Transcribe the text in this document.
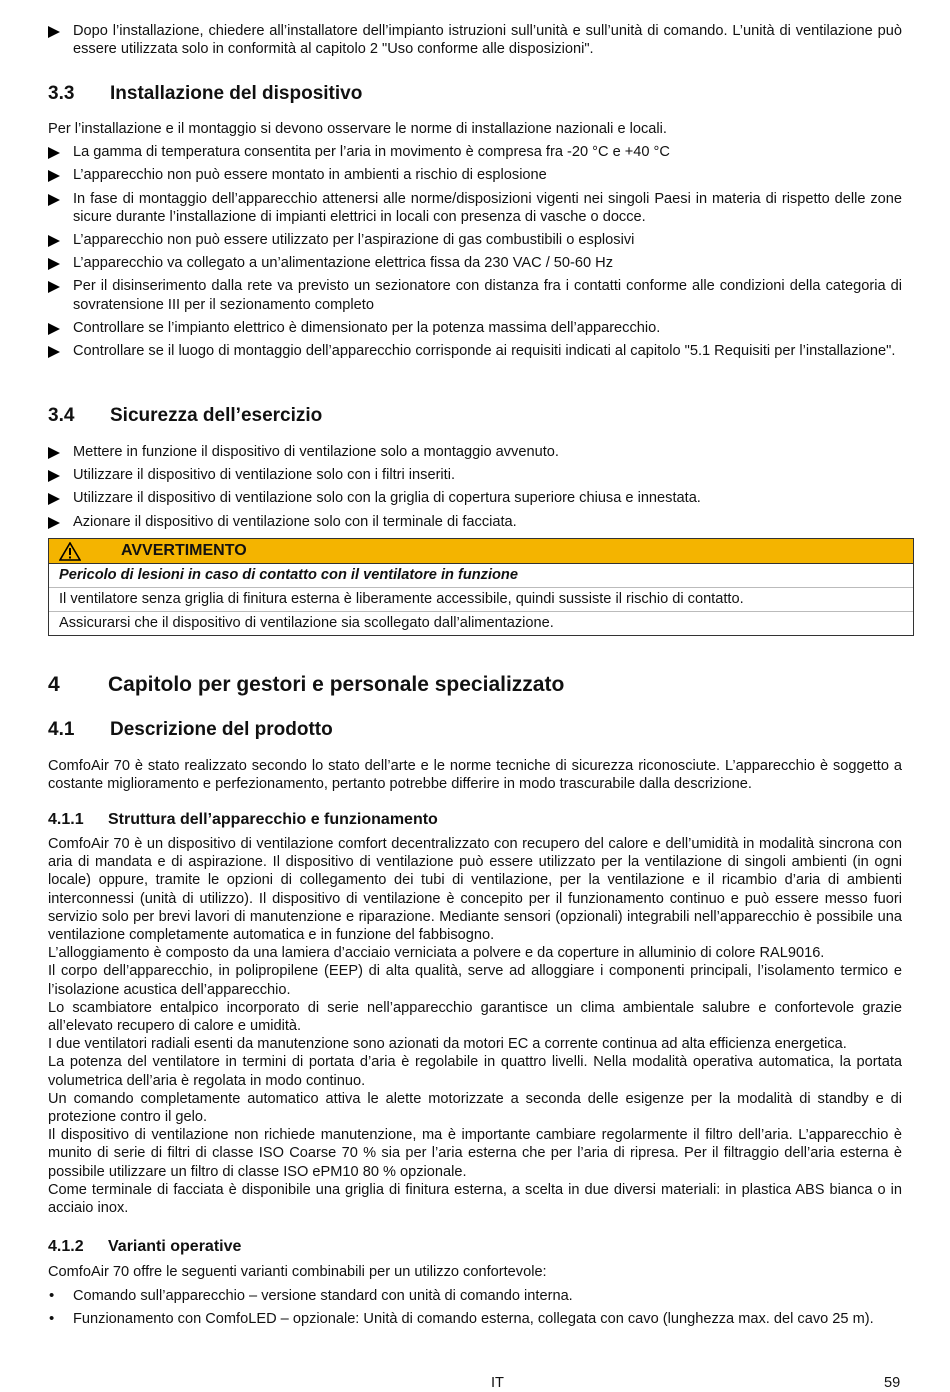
Dopo l’installazione, chiedere all’installatore dell’impianto istruzioni sull’unità e sull’unità di comando. L’unità di ventilazione può essere utilizzata solo in conformità al capitolo 2 "Uso conforme alle disposizioni".
3.3	Installazione del dispositivo

Per l’installazione e il montaggio si devono osservare le norme di installazione nazionali e locali.

La gamma di temperatura consentita per l’aria in movimento è compresa fra -20 °C e +40 °C
L’apparecchio non può essere montato in ambienti a rischio di esplosione
In fase di montaggio dell’apparecchio attenersi alle norme/disposizioni vigenti nei singoli Paesi in materia di rispetto delle zone sicure durante l’installazione di impianti elettrici in locali con presenza di vasche o docce.
L’apparecchio non può essere utilizzato per l’aspirazione di gas combustibili o esplosivi
L’apparecchio va collegato a un’alimentazione elettrica fissa da 230 VAC / 50-60 Hz
Per il disinserimento dalla rete va previsto un sezionatore con distanza fra i contatti conforme alle condizioni della categoria di sovratensione III per il sezionamento completo
Controllare se l’impianto elettrico è dimensionato per la potenza massima dell’apparecchio.
Controllare se il luogo di montaggio dell’apparecchio corrisponde ai requisiti indicati al capitolo "5.1 Requisiti per l’installazione".
3.4	Sicurezza dell’esercizio
Mettere in funzione il dispositivo di ventilazione solo a montaggio avvenuto.
Utilizzare il dispositivo di ventilazione solo con i filtri inseriti.
Utilizzare il dispositivo di ventilazione solo con la griglia di copertura superiore chiusa e innestata.
Azionare il dispositivo di ventilazione solo con il terminale di facciata.
AVVERTIMENTO
Pericolo di lesioni in caso di contatto con il ventilatore in funzione
Il ventilatore senza griglia di finitura esterna è liberamente accessibile, quindi sussiste il rischio di contatto.
Assicurarsi che il dispositivo di ventilazione sia scollegato dall’alimentazione.
4	Capitolo per gestori e personale specializzato
4.1	Descrizione del prodotto

ComfoAir 70 è stato realizzato secondo lo stato dell’arte e le norme tecniche di sicurezza riconosciute. L’apparecchio è soggetto a costante miglioramento e perfezionamento, pertanto potrebbe differire in modo trascurabile dalla descrizione.

4.1.1	Struttura dell’apparecchio e funzionamento

ComfoAir 70 è un dispositivo di ventilazione comfort decentralizzato con recupero del calore e dell’umidità in modalità sincrona con aria di mandata e di aspirazione. Il dispositivo di ventilazione può essere utilizzato per la ventilazione di singoli ambienti (in ogni locale) oppure, tramite le opzioni di collegamento dei tubi di ventilazione, per la ventilazione e il ricambio d’aria di ambienti interconnessi (unità di utilizzo). Il dispositivo di ventilazione è concepito per il funzionamento continuo e può essere messo fuori servizio solo per brevi lavori di manutenzione e riparazione. Mediante sensori (opzionali) integrabili nell’apparecchio è possibile una ventilazione completamente automatica e in funzione del fabbisogno.

L’alloggiamento è composto da una lamiera d’acciaio verniciata a polvere e da coperture in alluminio di colore RAL9016.

Il corpo dell’apparecchio, in polipropilene (EEP) di alta qualità, serve ad alloggiare i componenti principali, l’isolamento termico e l’isolazione acustica dell’apparecchio.

Lo scambiatore entalpico incorporato di serie nell’apparecchio garantisce un clima ambientale salubre e confortevole grazie all’elevato recupero di calore e umidità.

I due ventilatori radiali esenti da manutenzione sono azionati da motori EC a corrente continua ad alta efficienza energetica.

La potenza del ventilatore in termini di portata d’aria è regolabile in quattro livelli. Nella modalità operativa automatica, la portata volumetrica dell’aria è regolata in modo continuo.

Un comando completamente automatico attiva le alette motorizzate a seconda delle esigenze per la modalità di standby e di protezione contro il gelo.

Il dispositivo di ventilazione non richiede manutenzione, ma è importante cambiare regolarmente il filtro dell’aria. L’apparecchio è munito di serie di filtri di classe ISO Coarse 70 % sia per l’aria esterna che per l’aria di ripresa. Per il filtraggio dell’aria esterna è possibile utilizzare un filtro di classe ISO ePM10 80 % opzionale.

Come terminale di facciata è disponibile una griglia di finitura esterna, a scelta in due diversi materiali: in plastica ABS bianca o in acciaio inox.

4.1.2	Varianti operative

ComfoAir 70 offre le seguenti varianti combinabili per un utilizzo confortevole:

• Comando sull’apparecchio – versione standard con unità di comando interna.
• Funzionamento con ComfoLED – opzionale: Unità di comando esterna, collegata con cavo (lunghezza max. del cavo 25 m).
IT	59
